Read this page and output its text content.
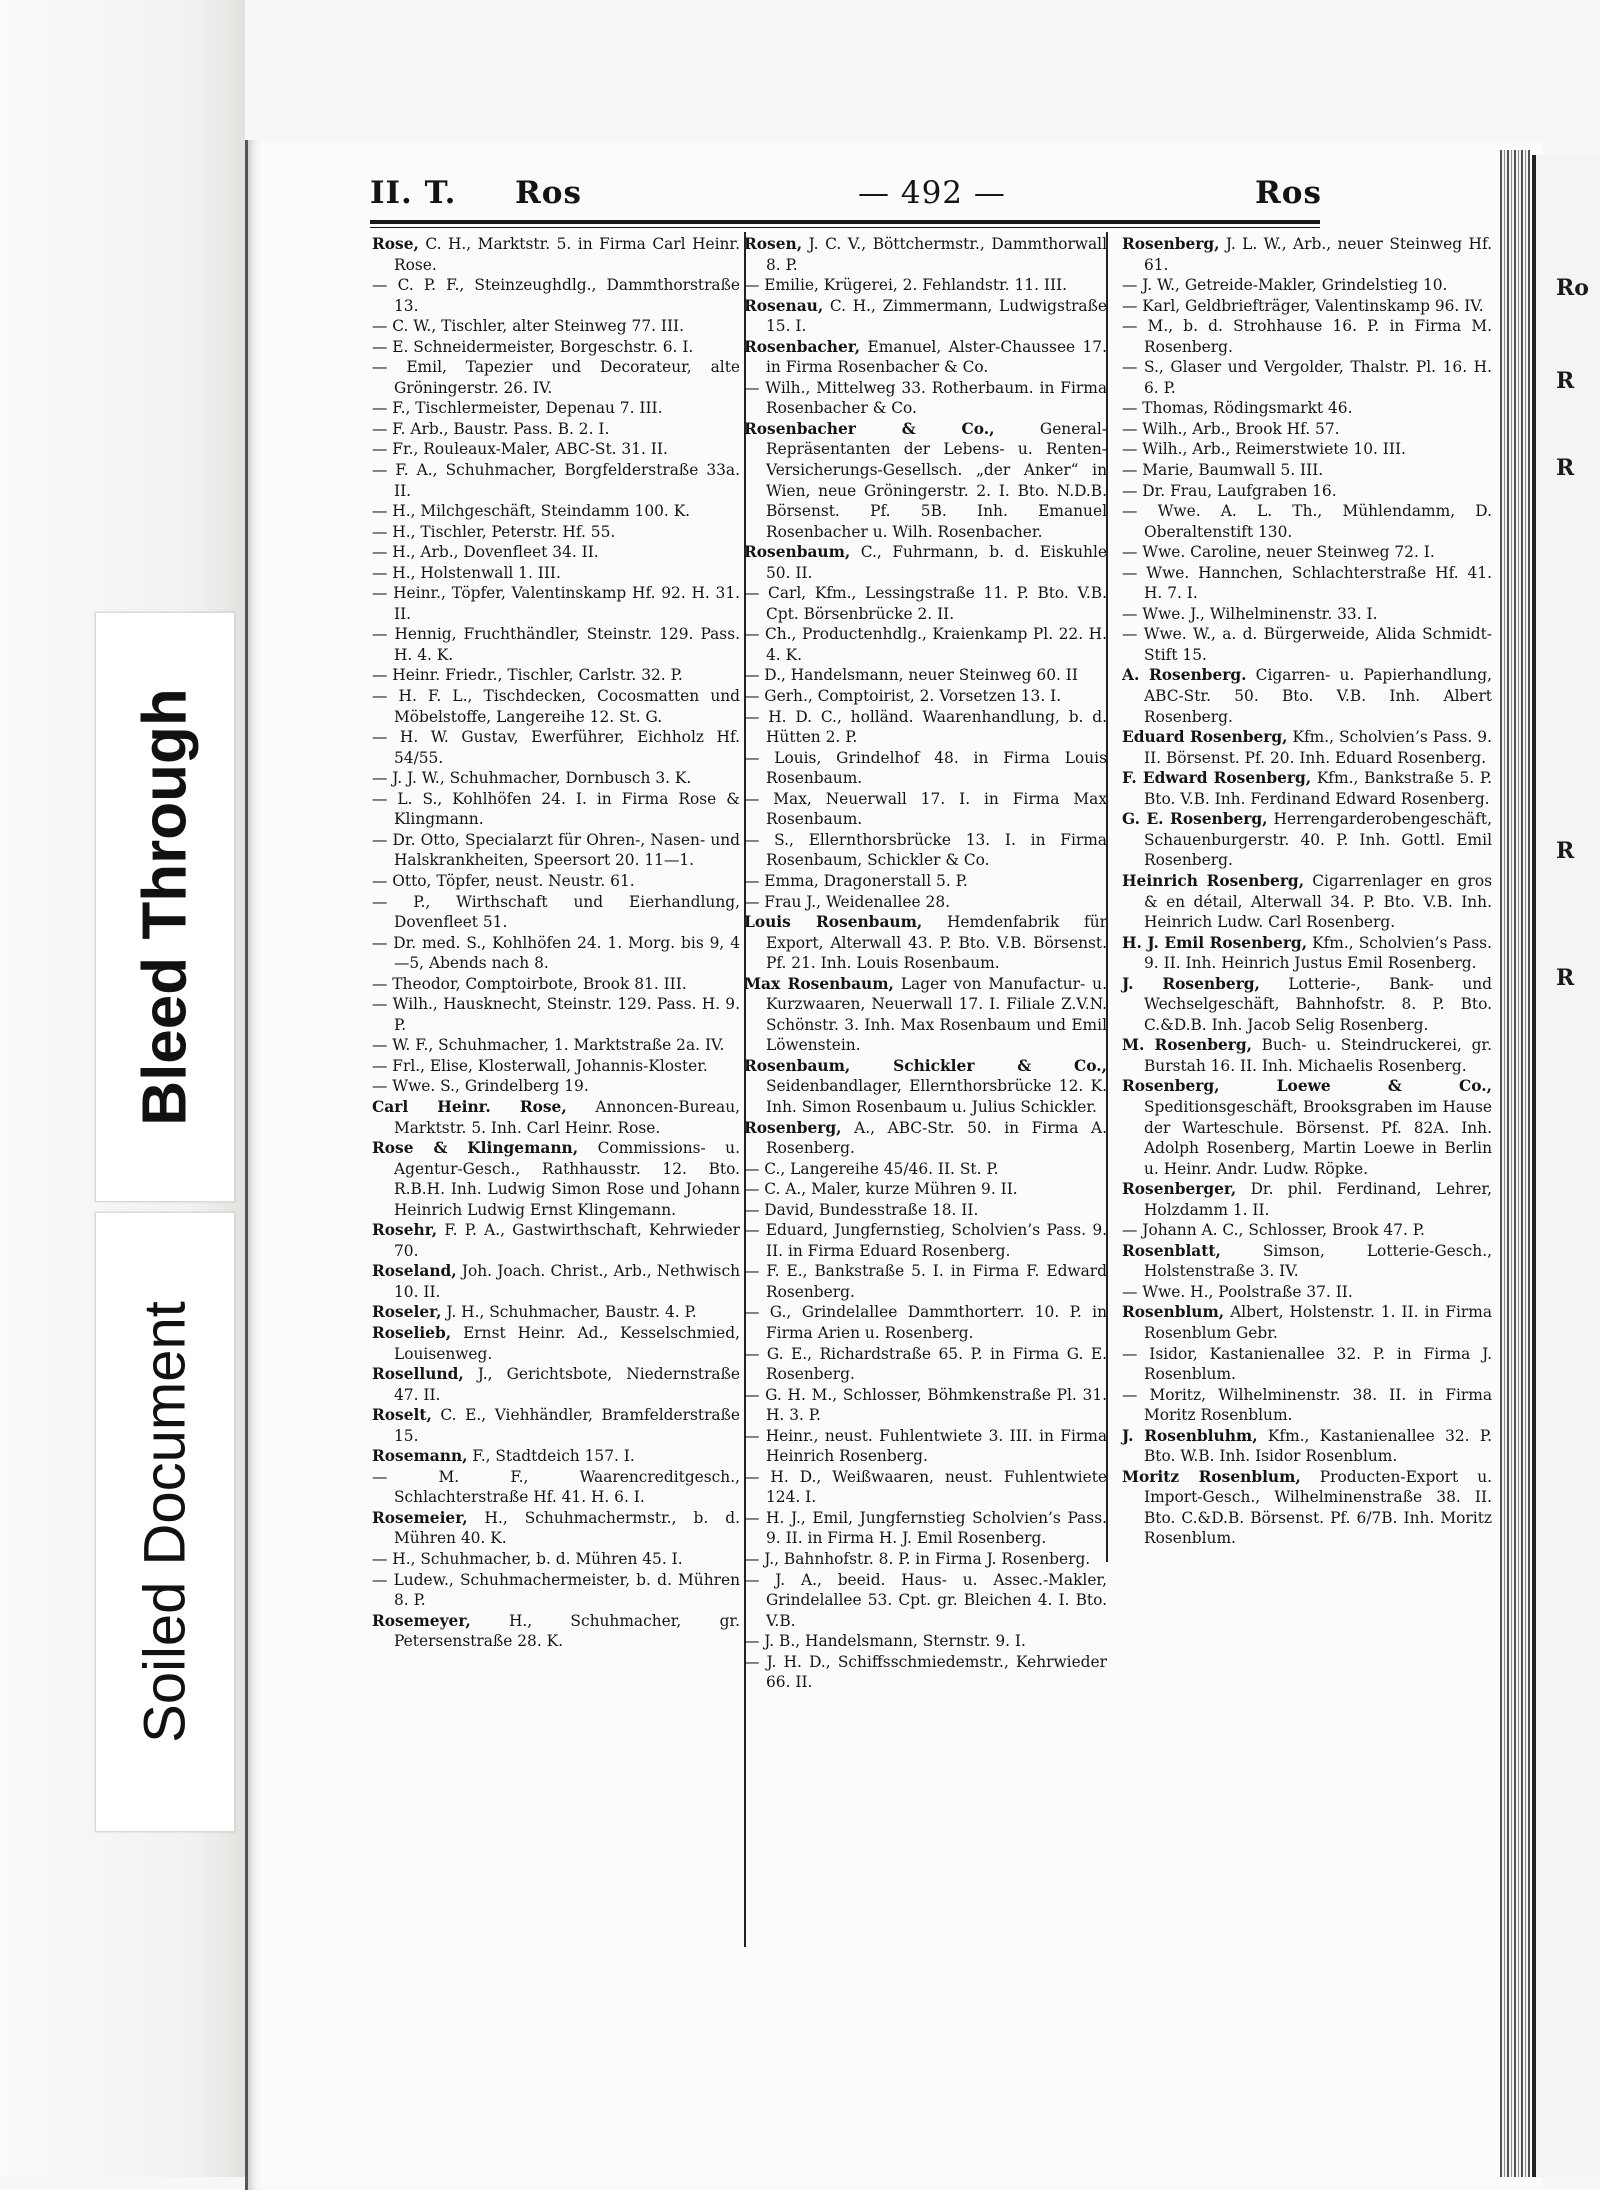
Bleed Through
Soiled Document
Ro
R
R
R
R
II. T. Ros	— 492 —	Ros

Rose, C. H., Marktstr. 5. in Firma Carl Heinr. Rose.

— C. P. F., Steinzeughdlg., Dammthorstraße 13.

— C. W., Tischler, alter Steinweg 77. III.

— E. Schneidermeister, Borgeschstr. 6. I.

— Emil, Tapezier und Decorateur, alte Gröningerstr. 26. IV.

— F., Tischlermeister, Depenau 7. III.

— F. Arb., Baustr. Pass. B. 2. I.

— Fr., Rouleaux-Maler, ABC-St. 31. II.

— F. A., Schuhmacher, Borgfelderstraße 33a. II.

— H., Milchgeschäft, Steindamm 100. K.

— H., Tischler, Peterstr. Hf. 55.

— H., Arb., Dovenfleet 34. II.

— H., Holstenwall 1. III.

— Heinr., Töpfer, Valentinskamp Hf. 92. H. 31. II.

— Hennig, Fruchthändler, Steinstr. 129. Pass. H. 4. K.

— Heinr. Friedr., Tischler, Carlstr. 32. P.

— H. F. L., Tischdecken, Cocosmatten und Möbelstoffe, Langereihe 12. St. G.

— H. W. Gustav, Ewerführer, Eichholz Hf. 54/55.

— J. J. W., Schuhmacher, Dornbusch 3. K.

— L. S., Kohlhöfen 24. I. in Firma Rose & Klingmann.

— Dr. Otto, Specialarzt für Ohren-, Nasen- und Halskrankheiten, Speersort 20. 11—1.

— Otto, Töpfer, neust. Neustr. 61.

— P., Wirthschaft und Eierhandlung, Dovenfleet 51.

— Dr. med. S., Kohlhöfen 24. 1. Morg. bis 9, 4—5, Abends nach 8.

— Theodor, Comptoirbote, Brook 81. III.

— Wilh., Hausknecht, Steinstr. 129. Pass. H. 9. P.

— W. F., Schuhmacher, 1. Marktstraße 2a. IV.

— Frl., Elise, Klosterwall, Johannis-Kloster.

— Wwe. S., Grindelberg 19.

Carl Heinr. Rose, Annoncen-Bureau, Marktstr. 5. Inh. Carl Heinr. Rose.

Rose & Klingemann, Commissions- u. Agentur-Gesch., Rathhausstr. 12. Bto. R.B.H. Inh. Ludwig Simon Rose und Johann Heinrich Ludwig Ernst Klingemann.

Rosehr, F. P. A., Gastwirthschaft, Kehrwieder 70.

Roseland, Joh. Joach. Christ., Arb., Nethwisch 10. II.

Roseler, J. H., Schuhmacher, Baustr. 4. P.

Roselieb, Ernst Heinr. Ad., Kesselschmied, Louisenweg.

Rosellund, J., Gerichtsbote, Niedernstraße 47. II.

Roselt, C. E., Viehhändler, Bramfelderstraße 15.

Rosemann, F., Stadtdeich 157. I.

— M. F., Waarencreditgesch., Schlachterstraße Hf. 41. H. 6. I.

Rosemeier, H., Schuhmachermstr., b. d. Mühren 40. K.

— H., Schuhmacher, b. d. Mühren 45. I.

— Ludew., Schuhmachermeister, b. d. Mühren 8. P.

Rosemeyer, H., Schuhmacher, gr. Petersenstraße 28. K.

Rosen, J. C. V., Böttchermstr., Dammthorwall 8. P.

— Emilie, Krügerei, 2. Fehlandstr. 11. III.

Rosenau, C. H., Zimmermann, Ludwigstraße 15. I.

Rosenbacher, Emanuel, Alster-Chaussee 17. in Firma Rosenbacher & Co.

— Wilh., Mittelweg 33. Rotherbaum. in Firma Rosenbacher & Co.

Rosenbacher & Co., General-Repräsentanten der Lebens- u. Renten-Versicherungs-Gesellsch. „der Anker“ in Wien, neue Gröningerstr. 2. I. Bto. N.D.B. Börsenst. Pf. 5B. Inh. Emanuel Rosenbacher u. Wilh. Rosenbacher.

Rosenbaum, C., Fuhrmann, b. d. Eiskuhle 50. II.

— Carl, Kfm., Lessingstraße 11. P. Bto. V.B. Cpt. Börsenbrücke 2. II.

— Ch., Productenhdlg., Kraienkamp Pl. 22. H. 4. K.

— D., Handelsmann, neuer Steinweg 60. II

— Gerh., Comptoirist, 2. Vorsetzen 13. I.

— H. D. C., holländ. Waarenhandlung, b. d. Hütten 2. P.

— Louis, Grindelhof 48. in Firma Louis Rosenbaum.

— Max, Neuerwall 17. I. in Firma Max Rosenbaum.

— S., Ellernthorsbrücke 13. I. in Firma Rosenbaum, Schickler & Co.

— Emma, Dragonerstall 5. P.

— Frau J., Weidenallee 28.

Louis Rosenbaum, Hemdenfabrik für Export, Alterwall 43. P. Bto. V.B. Börsenst. Pf. 21. Inh. Louis Rosenbaum.

Max Rosenbaum, Lager von Manufactur- u. Kurzwaaren, Neuerwall 17. I. Filiale Z.V.N. Schönstr. 3. Inh. Max Rosenbaum und Emil Löwenstein.

Rosenbaum, Schickler & Co., Seidenbandlager, Ellernthorsbrücke 12. K. Inh. Simon Rosenbaum u. Julius Schickler.

Rosenberg, A., ABC-Str. 50. in Firma A. Rosenberg.

— C., Langereihe 45/46. II. St. P.

— C. A., Maler, kurze Mühren 9. II.

— David, Bundesstraße 18. II.

— Eduard, Jungfernstieg, Scholvien’s Pass. 9. II. in Firma Eduard Rosenberg.

— F. E., Bankstraße 5. I. in Firma F. Edward Rosenberg.

— G., Grindelallee Dammthorterr. 10. P. in Firma Arien u. Rosenberg.

— G. E., Richardstraße 65. P. in Firma G. E. Rosenberg.

— G. H. M., Schlosser, Böhmkenstraße Pl. 31. H. 3. P.

— Heinr., neust. Fuhlentwiete 3. III. in Firma Heinrich Rosenberg.

— H. D., Weißwaaren, neust. Fuhlentwiete 124. I.

— H. J., Emil, Jungfernstieg Scholvien’s Pass. 9. II. in Firma H. J. Emil Rosenberg.

— J., Bahnhofstr. 8. P. in Firma J. Rosenberg.

— J. A., beeid. Haus- u. Assec.-Makler, Grindelallee 53. Cpt. gr. Bleichen 4. I. Bto. V.B.

— J. B., Handelsmann, Sternstr. 9. I.

— J. H. D., Schiffsschmiedemstr., Kehrwieder 66. II.

Rosenberg, J. L. W., Arb., neuer Steinweg Hf. 61.

— J. W., Getreide-Makler, Grindelstieg 10.

— Karl, Geldbriefträger, Valentinskamp 96. IV.

— M., b. d. Strohhause 16. P. in Firma M. Rosenberg.

— S., Glaser und Vergolder, Thalstr. Pl. 16. H. 6. P.

— Thomas, Rödingsmarkt 46.

— Wilh., Arb., Brook Hf. 57.

— Wilh., Arb., Reimerstwiete 10. III.

— Marie, Baumwall 5. III.

— Dr. Frau, Laufgraben 16.

— Wwe. A. L. Th., Mühlendamm, D. Oberaltenstift 130.

— Wwe. Caroline, neuer Steinweg 72. I.

— Wwe. Hannchen, Schlachterstraße Hf. 41. H. 7. I.

— Wwe. J., Wilhelminenstr. 33. I.

— Wwe. W., a. d. Bürgerweide, Alida Schmidt-Stift 15.

A. Rosenberg. Cigarren- u. Papierhandlung, ABC-Str. 50. Bto. V.B. Inh. Albert Rosenberg.

Eduard Rosenberg, Kfm., Scholvien’s Pass. 9. II. Börsenst. Pf. 20. Inh. Eduard Rosenberg.

F. Edward Rosenberg, Kfm., Bankstraße 5. P. Bto. V.B. Inh. Ferdinand Edward Rosenberg.

G. E. Rosenberg, Herrengarderobengeschäft, Schauenburgerstr. 40. P. Inh. Gottl. Emil Rosenberg.

Heinrich Rosenberg, Cigarrenlager en gros & en détail, Alterwall 34. P. Bto. V.B. Inh. Heinrich Ludw. Carl Rosenberg.

H. J. Emil Rosenberg, Kfm., Scholvien’s Pass. 9. II. Inh. Heinrich Justus Emil Rosenberg.

J. Rosenberg, Lotterie-, Bank- und Wechselgeschäft, Bahnhofstr. 8. P. Bto. C.&D.B. Inh. Jacob Selig Rosenberg.

M. Rosenberg, Buch- u. Steindruckerei, gr. Burstah 16. II. Inh. Michaelis Rosenberg.

Rosenberg, Loewe & Co., Speditionsgeschäft, Brooksgraben im Hause der Warteschule. Börsenst. Pf. 82A. Inh. Adolph Rosenberg, Martin Loewe in Berlin u. Heinr. Andr. Ludw. Röpke.

Rosenberger, Dr. phil. Ferdinand, Lehrer, Holzdamm 1. II.

— Johann A. C., Schlosser, Brook 47. P.

Rosenblatt, Simson, Lotterie-Gesch., Holstenstraße 3. IV.

— Wwe. H., Poolstraße 37. II.

Rosenblum, Albert, Holstenstr. 1. II. in Firma Rosenblum Gebr.

— Isidor, Kastanienallee 32. P. in Firma J. Rosenblum.

— Moritz, Wilhelminenstr. 38. II. in Firma Moritz Rosenblum.

J. Rosenbluhm, Kfm., Kastanienallee 32. P. Bto. W.B. Inh. Isidor Rosenblum.

Moritz Rosenblum, Producten-Export u. Import-Gesch., Wilhelminenstraße 38. II. Bto. C.&D.B. Börsenst. Pf. 6/7B. Inh. Moritz Rosenblum.
